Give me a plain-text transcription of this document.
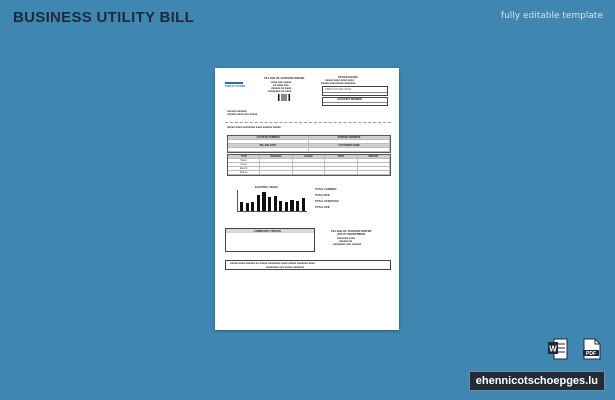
BUSINESS UTILITY BILL	fully editable template
PUBLIC POWER
VILLAGE OF JACKSON CENTER
■■■■ ■■■ ■■■■■
■■ ■■■■ ■■■
■■■■■■ ■■ ■■■■
■■■■■■■■ ■■ ■■■■
OFFICE HOURS
■■■■■ ■■■■ ■■■■ ■■■■
■■■■■ ■■■■■■■■■ ■■■■■■■
PREVIOUS BALANCE
ACCOUNT NUMBER
■■■■■■ ■■■■■■
■■■■■■ ■■■■ ■■■ ■■■■■
■■■■■ ■■■■ ■■■■■■■■ ■■■■ ■■■■■■ ■■■■■
ACCOUNT NUMBER	SERVICE ADDRESS
BILLING DATE	CUSTOMER NAME
TYPE	READING	USAGE	RATE	AMOUNT
Water
Sewer
Electric
Refuse
ELECTRIC USAGE
TOTAL CURRENT
TOTAL DUE
TOTAL AFTER DUE
TOTAL DUE
COMMUNITY UPDATE	VILLAGE OF JACKSON CENTER
UTILITY DEPARTMENT
■■■■■■■ ■■■■
■■■■■■ ■■
■■■■■■■■ ■■■ ■■■■■■
■■■■■ ■■■■ ■■■■■■ ■■ ■■■■■ ■■■■■■■■ ■■■■ ■■■■■ ■■■■■■■ ■■■■
■■■■■■■■ ■■■ ■■■■■ ■■■■■■■
W
PDF
ehennicotschoepges.lu
